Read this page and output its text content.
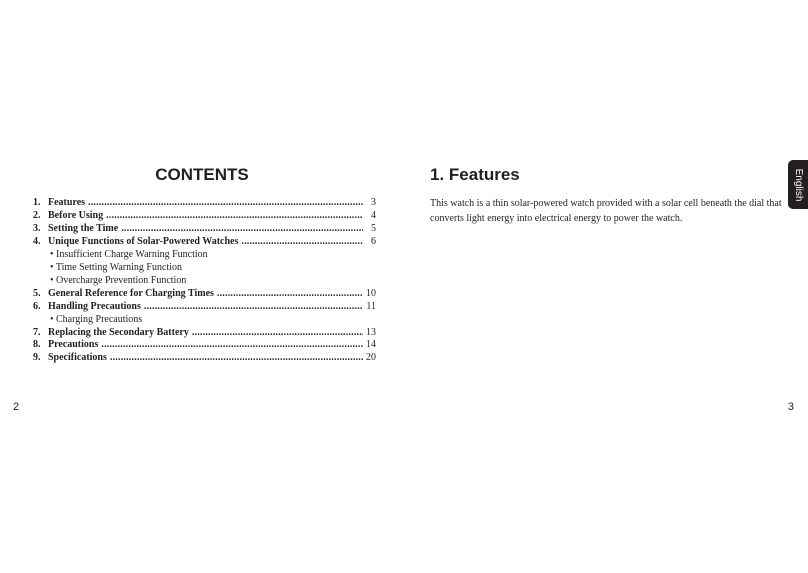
CONTENTS
1. Features .....	3
2. Before Using .....	4
3. Setting the Time .....	5
4. Unique Functions of Solar-Powered Watches .....	6
• Insufficient Charge Warning Function
• Time Setting Warning Function
• Overcharge Prevention Function
5. General Reference for Charging Times .....	10
6. Handling Precautions .....	11
• Charging Precautions
7. Replacing the Secondary Battery .....	13
8. Precautions .....	14
9. Specifications .....	20

2

1. Features

This watch is a thin solar-powered watch provided with a solar cell beneath the dial that converts light energy into electrical energy to power the watch.

English

3
